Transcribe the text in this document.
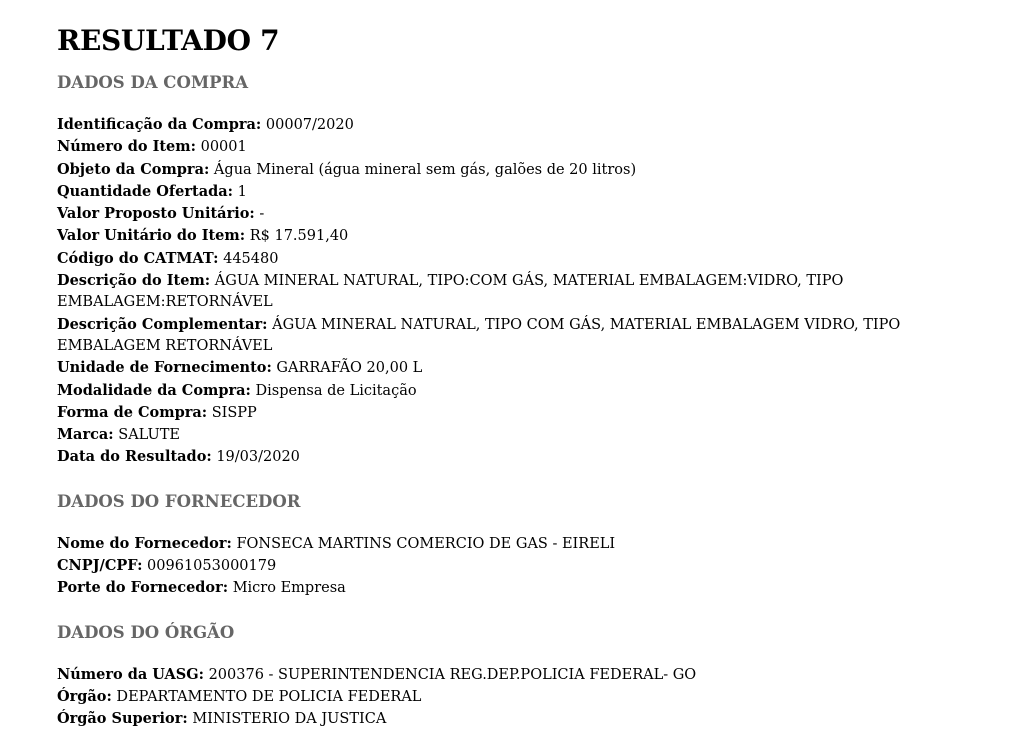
RESULTADO 7
DADOS DA COMPRA

Identificação da Compra: 00007/2020

Número do Item: 00001

Objeto da Compra: Água Mineral (água mineral sem gás, galões de 20 litros)

Quantidade Ofertada: 1

Valor Proposto Unitário: -

Valor Unitário do Item: R$ 17.591,40

Código do CATMAT: 445480

Descrição do Item: ÁGUA MINERAL NATURAL, TIPO:COM GÁS, MATERIAL EMBALAGEM:VIDRO, TIPO EMBALAGEM:RETORNÁVEL

Descrição Complementar: ÁGUA MINERAL NATURAL, TIPO COM GÁS, MATERIAL EMBALAGEM VIDRO, TIPO EMBALAGEM RETORNÁVEL

Unidade de Fornecimento: GARRAFÃO 20,00 L

Modalidade da Compra: Dispensa de Licitação

Forma de Compra: SISPP

Marca: SALUTE

Data do Resultado: 19/03/2020

DADOS DO FORNECEDOR

Nome do Fornecedor: FONSECA MARTINS COMERCIO DE GAS - EIRELI

CNPJ/CPF: 00961053000179

Porte do Fornecedor: Micro Empresa

DADOS DO ÓRGÃO

Número da UASG: 200376 - SUPERINTENDENCIA REG.DEP.POLICIA FEDERAL- GO

Órgão: DEPARTAMENTO DE POLICIA FEDERAL

Órgão Superior: MINISTERIO DA JUSTICA
